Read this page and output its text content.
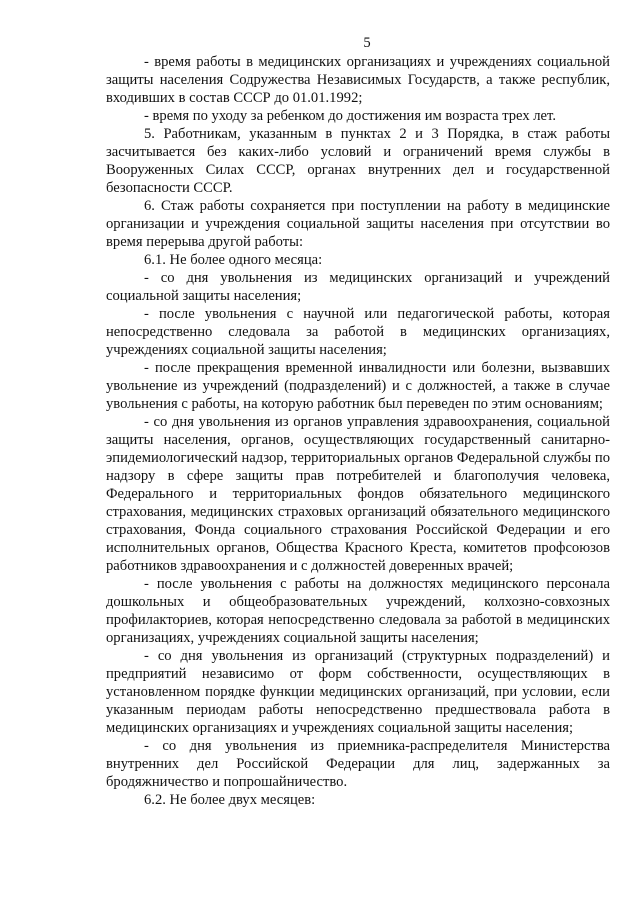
5

- время работы в медицинских организациях и учреждениях социальной защиты населения Содружества Независимых Государств, а также республик, входивших в состав СССР до 01.01.1992;

- время по уходу за ребенком до достижения им возраста трех лет.

5. Работникам, указанным в пунктах 2 и 3 Порядка, в стаж работы засчитывается без каких-либо условий и ограничений время службы в Вооруженных Силах СССР, органах внутренних дел и государственной безопасности СССР.

6. Стаж работы сохраняется при поступлении на работу в медицинские организации и учреждения социальной защиты населения при отсутствии во время перерыва другой работы:

6.1. Не более одного месяца:

- со дня увольнения из медицинских организаций и учреждений социальной защиты населения;

- после увольнения с научной или педагогической работы, которая непосредственно следовала за работой в медицинских организациях, учреждениях социальной защиты населения;

- после прекращения временной инвалидности или болезни, вызвавших увольнение из учреждений (подразделений) и с должностей, а также в случае увольнения с работы, на которую работник был переведен по этим основаниям;

- со дня увольнения из органов управления здравоохранения, социальной защиты населения, органов, осуществляющих государственный санитарно-эпидемиологический надзор, территориальных органов Федеральной службы по надзору в сфере защиты прав потребителей и благополучия человека, Федерального и территориальных фондов обязательного медицинского страхования, медицинских страховых организаций обязательного медицинского страхования, Фонда социального страхования Российской Федерации и его исполнительных органов, Общества Красного Креста, комитетов профсоюзов работников здравоохранения и с должностей доверенных врачей;

- после увольнения с работы на должностях медицинского персонала дошкольных и общеобразовательных учреждений, колхозно-совхозных профилакториев, которая непосредственно следовала за работой в медицинских организациях, учреждениях социальной защиты населения;

- со дня увольнения из организаций (структурных подразделений) и предприятий независимо от форм собственности, осуществляющих в установленном порядке функции медицинских организаций, при условии, если указанным периодам работы непосредственно предшествовала работа в медицинских организациях и учреждениях социальной защиты населения;

- со дня увольнения из приемника-распределителя Министерства внутренних дел Российской Федерации для лиц, задержанных за бродяжничество и попрошайничество.

6.2. Не более двух месяцев:
